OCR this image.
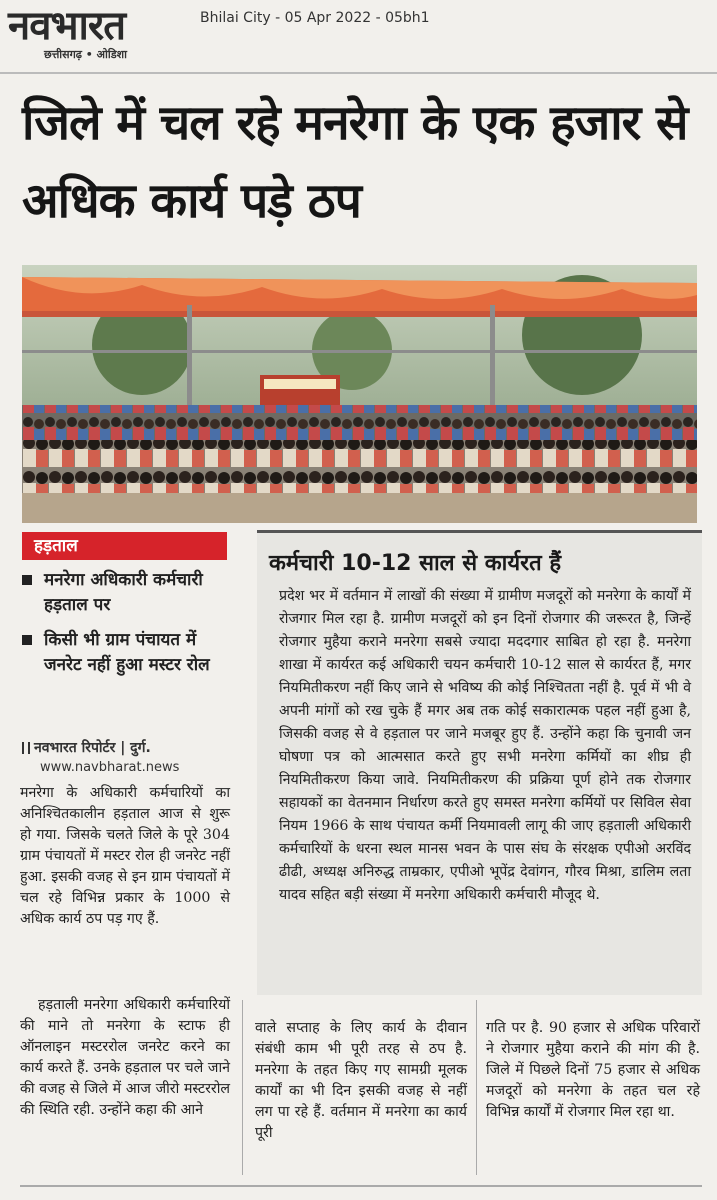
नवभारत
छत्तीसगढ़ • ओडिशा
Bhilai City - 05 Apr 2022 - 05bh1
जिले में चल रहे मनरेगा के एक हजार से अधिक कार्य पड़े ठप
हड़ताल
मनरेगा अधिकारी कर्मचारी हड़ताल पर
किसी भी ग्राम पंचायत में जनरेट नहीं हुआ मस्टर रोल
नवभारत रिपोर्टर | दुर्ग.
www.navbharat.news
मनरेगा के अधिकारी कर्मचारियों का अनिश्चितकालीन हड़ताल आज से शुरू हो गया. जिसके चलते जिले के पूरे 304 ग्राम पंचायतों में मस्टर रोल ही जनरेट नहीं हुआ. इसकी वजह से इन ग्राम पंचायतों में चल रहे विभिन्न प्रकार के 1000 से अधिक कार्य ठप पड़ गए हैं.
हड़ताली मनरेगा अधिकारी कर्मचारियों की माने तो मनरेगा के स्टाफ ही ऑनलाइन मस्टररोल जनरेट करने का कार्य करते हैं. उनके हड़ताल पर चले जाने की वजह से जिले में आज जीरो मस्टररोल की स्थिति रही. उन्होंने कहा की आने
कर्मचारी 10-12 साल से कार्यरत हैं
प्रदेश भर में वर्तमान में लाखों की संख्या में ग्रामीण मजदूरों को मनरेगा के कार्यों में रोजगार मिल रहा है. ग्रामीण मजदूरों को इन दिनों रोजगार की जरूरत है, जिन्हें रोजगार मुहैया कराने मनरेगा सबसे ज्यादा मददगार साबित हो रहा है. मनरेगा शाखा में कार्यरत कई अधिकारी चयन कर्मचारी 10-12 साल से कार्यरत हैं, मगर नियमितीकरण नहीं किए जाने से भविष्य की कोई निश्चितता नहीं है. पूर्व में भी वे अपनी मांगों को रख चुके हैं मगर अब तक कोई सकारात्मक पहल नहीं हुआ है, जिसकी वजह से वे हड़ताल पर जाने मजबूर हुए हैं. उन्होंने कहा कि चुनावी जन घोषणा पत्र को आत्मसात करते हुए सभी मनरेगा कर्मियों का शीघ्र ही नियमितीकरण किया जावे. नियमितीकरण की प्रक्रिया पूर्ण होने तक रोजगार सहायकों का वेतनमान निर्धारण करते हुए समस्त मनरेगा कर्मियों पर सिविल सेवा नियम 1966 के साथ पंचायत कर्मी नियमावली लागू की जाए हड़ताली अधिकारी कर्मचारियों के धरना स्थल मानस भवन के पास संघ के संरक्षक एपीओ अरविंद ढीढी, अध्यक्ष अनिरुद्ध ताम्रकार, एपीओ भूपेंद्र देवांगन, गौरव मिश्रा, डालिम लता यादव सहित बड़ी संख्या में मनरेगा अधिकारी कर्मचारी मौजूद थे.
वाले सप्ताह के लिए कार्य के दीवान संबंधी काम भी पूरी तरह से ठप है. मनरेगा के तहत किए गए सामग्री मूलक कार्यों का भी दिन इसकी वजह से नहीं लग पा रहे हैं. वर्तमान में मनरेगा का कार्य पूरी
गति पर है. 90 हजार से अधिक परिवारों ने रोजगार मुहैया कराने की मांग की है. जिले में पिछले दिनों 75 हजार से अधिक मजदूरों को मनरेगा के तहत चल रहे विभिन्न कार्यों में रोजगार मिल रहा था.
